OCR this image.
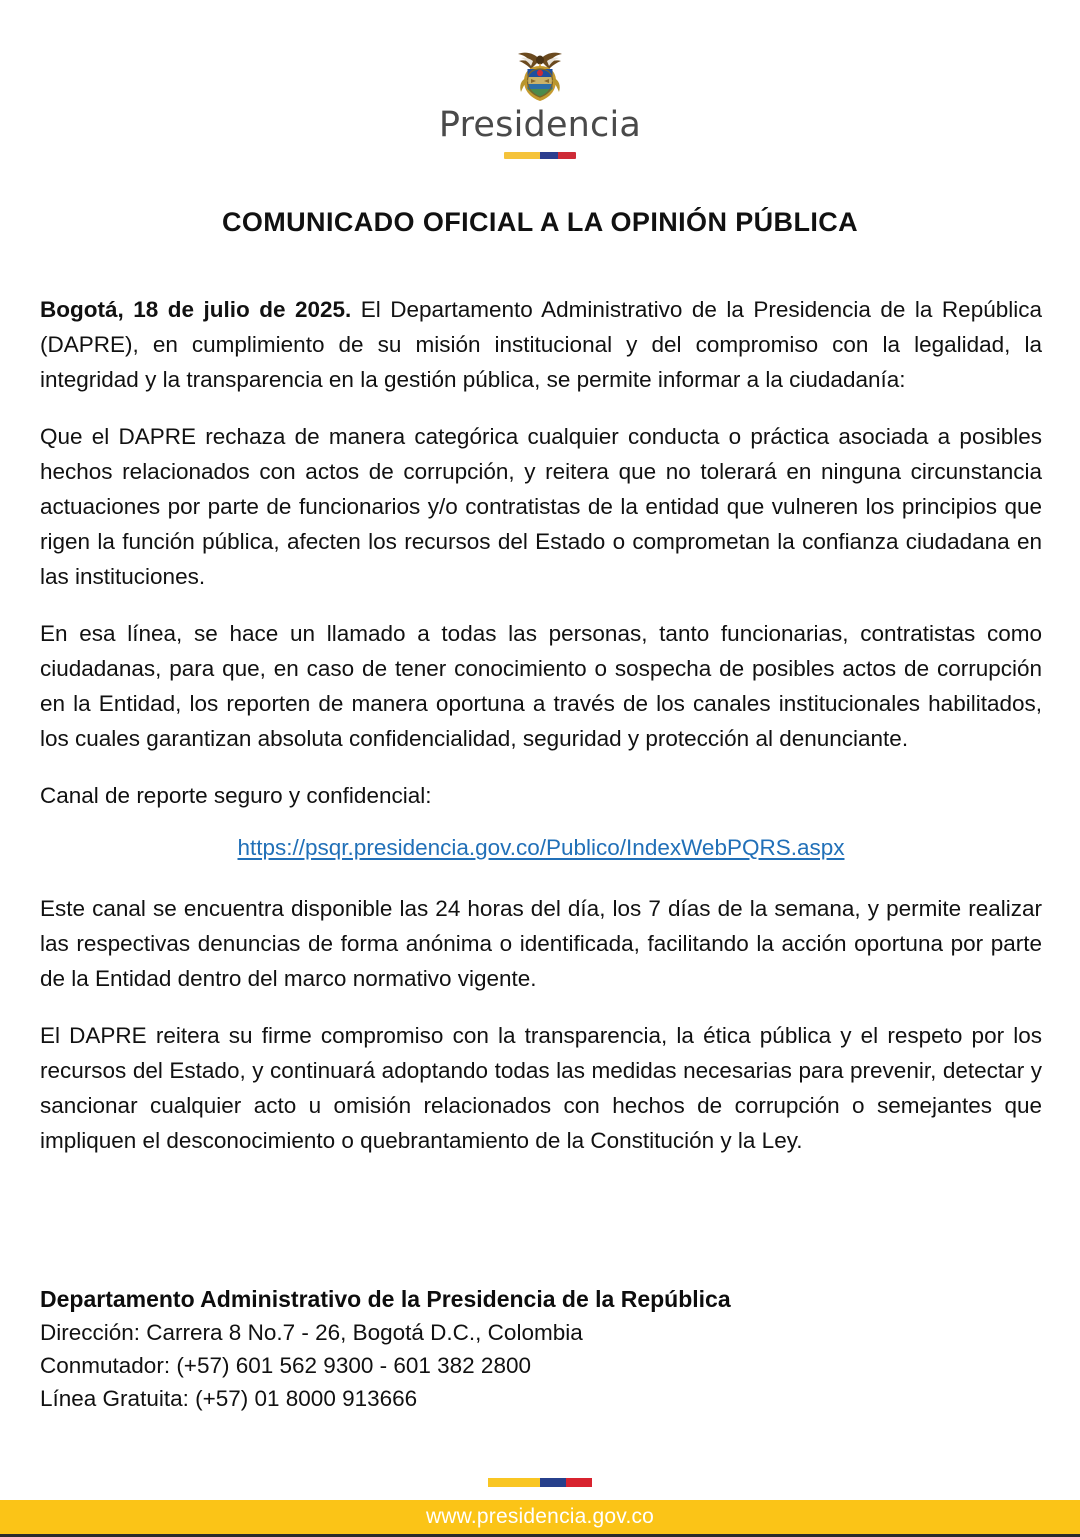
Presidencia
COMUNICADO OFICIAL A LA OPINIÓN PÚBLICA

Bogotá, 18 de julio de 2025. El Departamento Administrativo de la Presidencia de la República (DAPRE), en cumplimiento de su misión institucional y del compromiso con la legalidad, la integridad y la transparencia en la gestión pública, se permite informar a la ciudadanía:

Que el DAPRE rechaza de manera categórica cualquier conducta o práctica asociada a posibles hechos relacionados con actos de corrupción, y reitera que no tolerará en ninguna circunstancia actuaciones por parte de funcionarios y/o contratistas de la entidad que vulneren los principios que rigen la función pública, afecten los recursos del Estado o comprometan la confianza ciudadana en las instituciones.

En esa línea, se hace un llamado a todas las personas, tanto funcionarias, contratistas como ciudadanas, para que, en caso de tener conocimiento o sospecha de posibles actos de corrupción en la Entidad, los reporten de manera oportuna a través de los canales institucionales habilitados, los cuales garantizan absoluta confidencialidad, seguridad y protección al denunciante.

Canal de reporte seguro y confidencial:

https://psqr.presidencia.gov.co/Publico/IndexWebPQRS.aspx

Este canal se encuentra disponible las 24 horas del día, los 7 días de la semana, y permite realizar las respectivas denuncias de forma anónima o identificada, facilitando la acción oportuna por parte de la Entidad dentro del marco normativo vigente.

El DAPRE reitera su firme compromiso con la transparencia, la ética pública y el respeto por los recursos del Estado, y continuará adoptando todas las medidas necesarias para prevenir, detectar y sancionar cualquier acto u omisión relacionados con hechos de corrupción o semejantes que impliquen el desconocimiento o quebrantamiento de la Constitución y la Ley.

Departamento Administrativo de la Presidencia de la República
Dirección: Carrera 8 No.7 - 26, Bogotá D.C., Colombia
Conmutador: (+57) 601 562 9300 - 601 382 2800
Línea Gratuita: (+57) 01 8000 913666
www.presidencia.gov.co
